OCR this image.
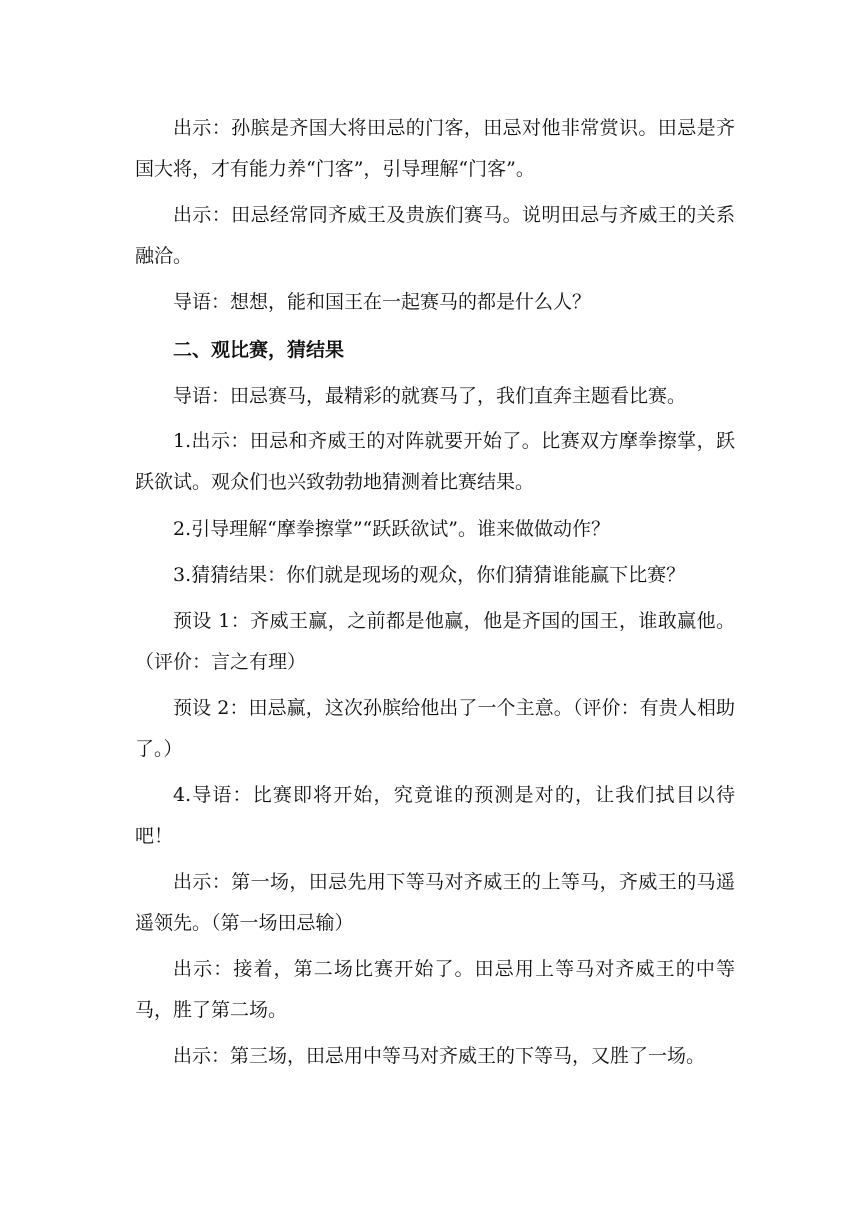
出示：孙膑是齐国大将田忌的门客，田忌对他非常赏识。田忌是齐国大将，才有能力养“门客”，引导理解“门客”。

出示：田忌经常同齐威王及贵族们赛马。说明田忌与齐威王的关系融洽。

导语：想想，能和国王在一起赛马的都是什么人？

二、观比赛，猜结果

导语：田忌赛马，最精彩的就赛马了，我们直奔主题看比赛。

1.出示：田忌和齐威王的对阵就要开始了。比赛双方摩拳擦掌，跃跃欲试。观众们也兴致勃勃地猜测着比赛结果。

2.引导理解“摩拳擦掌”“跃跃欲试”。谁来做做动作？

3.猜猜结果：你们就是现场的观众，你们猜猜谁能赢下比赛？

预设 1：齐威王赢，之前都是他赢，他是齐国的国王，谁敢赢他。（评价：言之有理）

预设 2：田忌赢，这次孙膑给他出了一个主意。（评价：有贵人相助了。）

4.导语：比赛即将开始，究竟谁的预测是对的，让我们拭目以待吧！

出示：第一场，田忌先用下等马对齐威王的上等马，齐威王的马遥遥领先。（第一场田忌输）

出示：接着，第二场比赛开始了。田忌用上等马对齐威王的中等马，胜了第二场。

出示：第三场，田忌用中等马对齐威王的下等马，又胜了一场。
